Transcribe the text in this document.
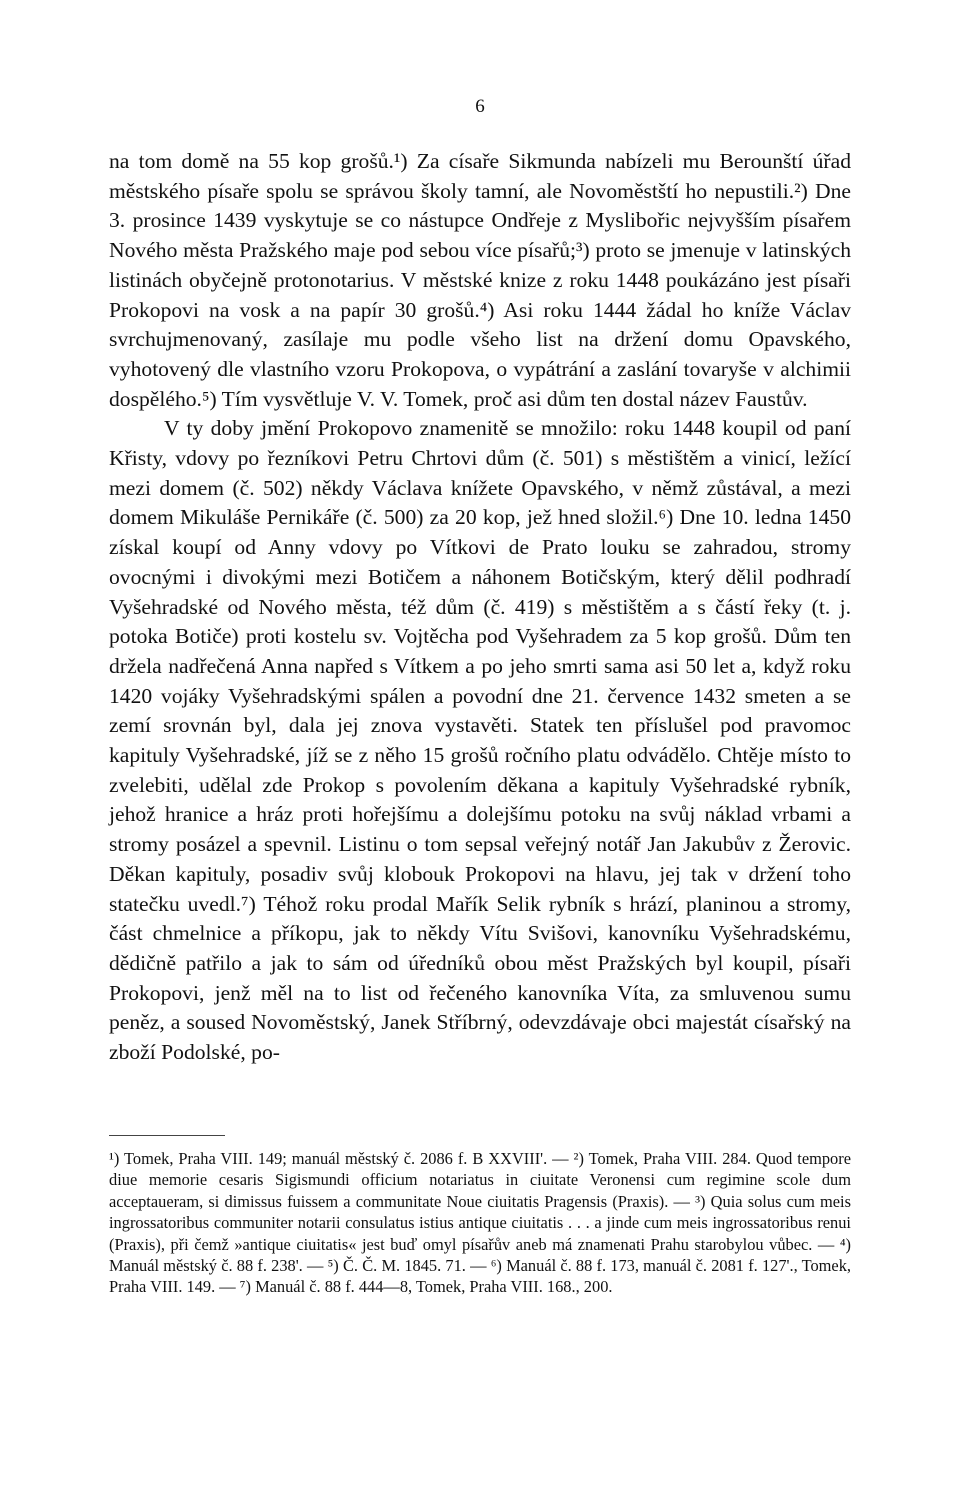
6

na tom domě na 55 kop grošů.¹) Za císaře Sikmunda nabízeli mu Berounští úřad městského písaře spolu se správou školy tamní, ale Novoměstští ho nepustili.²) Dne 3. prosince 1439 vyskytuje se co nástupce Ondřeje z Myslibořic nejvyšším písařem Nového města Pražského maje pod sebou více písařů;³) proto se jmenuje v latinských listinách obyčejně protonotarius. V městské knize z roku 1448 poukázáno jest písaři Prokopovi na vosk a na papír 30 grošů.⁴) Asi roku 1444 žádal ho kníže Václav svrchujmenovaný, zasílaje mu podle všeho list na držení domu Opavského, vyhotovený dle vlastního vzoru Prokopova, o vypátrání a zaslání tovaryše v alchimii dospělého.⁵) Tím vysvětluje V. V. Tomek, proč asi dům ten dostal název Faustův.

V ty doby jmění Prokopovo znamenitě se množilo: roku 1448 koupil od paní Křisty, vdovy po řezníkovi Petru Chrtovi dům (č. 501) s městištěm a vinicí, ležící mezi domem (č. 502) někdy Václava knížete Opavského, v němž zůstával, a mezi domem Mikuláše Pernikáře (č. 500) za 20 kop, jež hned složil.⁶) Dne 10. ledna 1450 získal koupí od Anny vdovy po Vítkovi de Prato louku se zahradou, stromy ovocnými i divokými mezi Botičem a náhonem Botičským, který dělil podhradí Vyšehradské od Nového města, též dům (č. 419) s městištěm a s částí řeky (t. j. potoka Botiče) proti kostelu sv. Vojtěcha pod Vyšehradem za 5 kop grošů. Dům ten držela nadřečená Anna napřed s Vítkem a po jeho smrti sama asi 50 let a, když roku 1420 vojáky Vyšehradskými spálen a povodní dne 21. července 1432 smeten a se zemí srovnán byl, dala jej znova vystavěti. Statek ten příslušel pod pravomoc kapituly Vyšehradské, jíž se z něho 15 grošů ročního platu odvádělo. Chtěje místo to zvelebiti, udělal zde Prokop s povolením děkana a kapituly Vyšehradské rybník, jehož hranice a hráz proti hořejšímu a dolejšímu potoku na svůj náklad vrbami a stromy posázel a spevnil. Listinu o tom sepsal veřejný notář Jan Jakubův z Žerovic. Děkan kapituly, posadiv svůj klobouk Prokopovi na hlavu, jej tak v držení toho statečku uvedl.⁷) Téhož roku prodal Mařík Selik rybník s hrází, planinou a stromy, část chmelnice a příkopu, jak to někdy Vítu Svišovi, kanovníku Vyšehradskému, dědičně patřilo a jak to sám od úředníků obou měst Pražských byl koupil, písaři Prokopovi, jenž měl na to list od řečeného kanovníka Víta, za smluvenou sumu peněz, a soused Novoměstský, Janek Stříbrný, odevzdávaje obci majestát císařský na zboží Podolské, po-

¹) Tomek, Praha VIII. 149; manuál městský č. 2086 f. B XXVIII'. — ²) Tomek, Praha VIII. 284. Quod tempore diue memorie cesaris Sigismundi officium notariatus in ciuitate Veronensi cum regimine scole dum acceptaueram, si dimissus fuissem a communitate Noue ciuitatis Pragensis (Praxis). — ³) Quia solus cum meis ingrossatoribus communiter notarii consulatus istius antique ciuitatis . . . a jinde cum meis ingrossatoribus renui (Praxis), při čemž »antique ciuitatis« jest buď omyl písařův aneb má znamenati Prahu starobylou vůbec. — ⁴) Manuál městský č. 88 f. 238'. — ⁵) Č. Č. M. 1845. 71. — ⁶) Manuál č. 88 f. 173, manuál č. 2081 f. 127'., Tomek, Praha VIII. 149. — ⁷) Manuál č. 88 f. 444—8, Tomek, Praha VIII. 168., 200.
